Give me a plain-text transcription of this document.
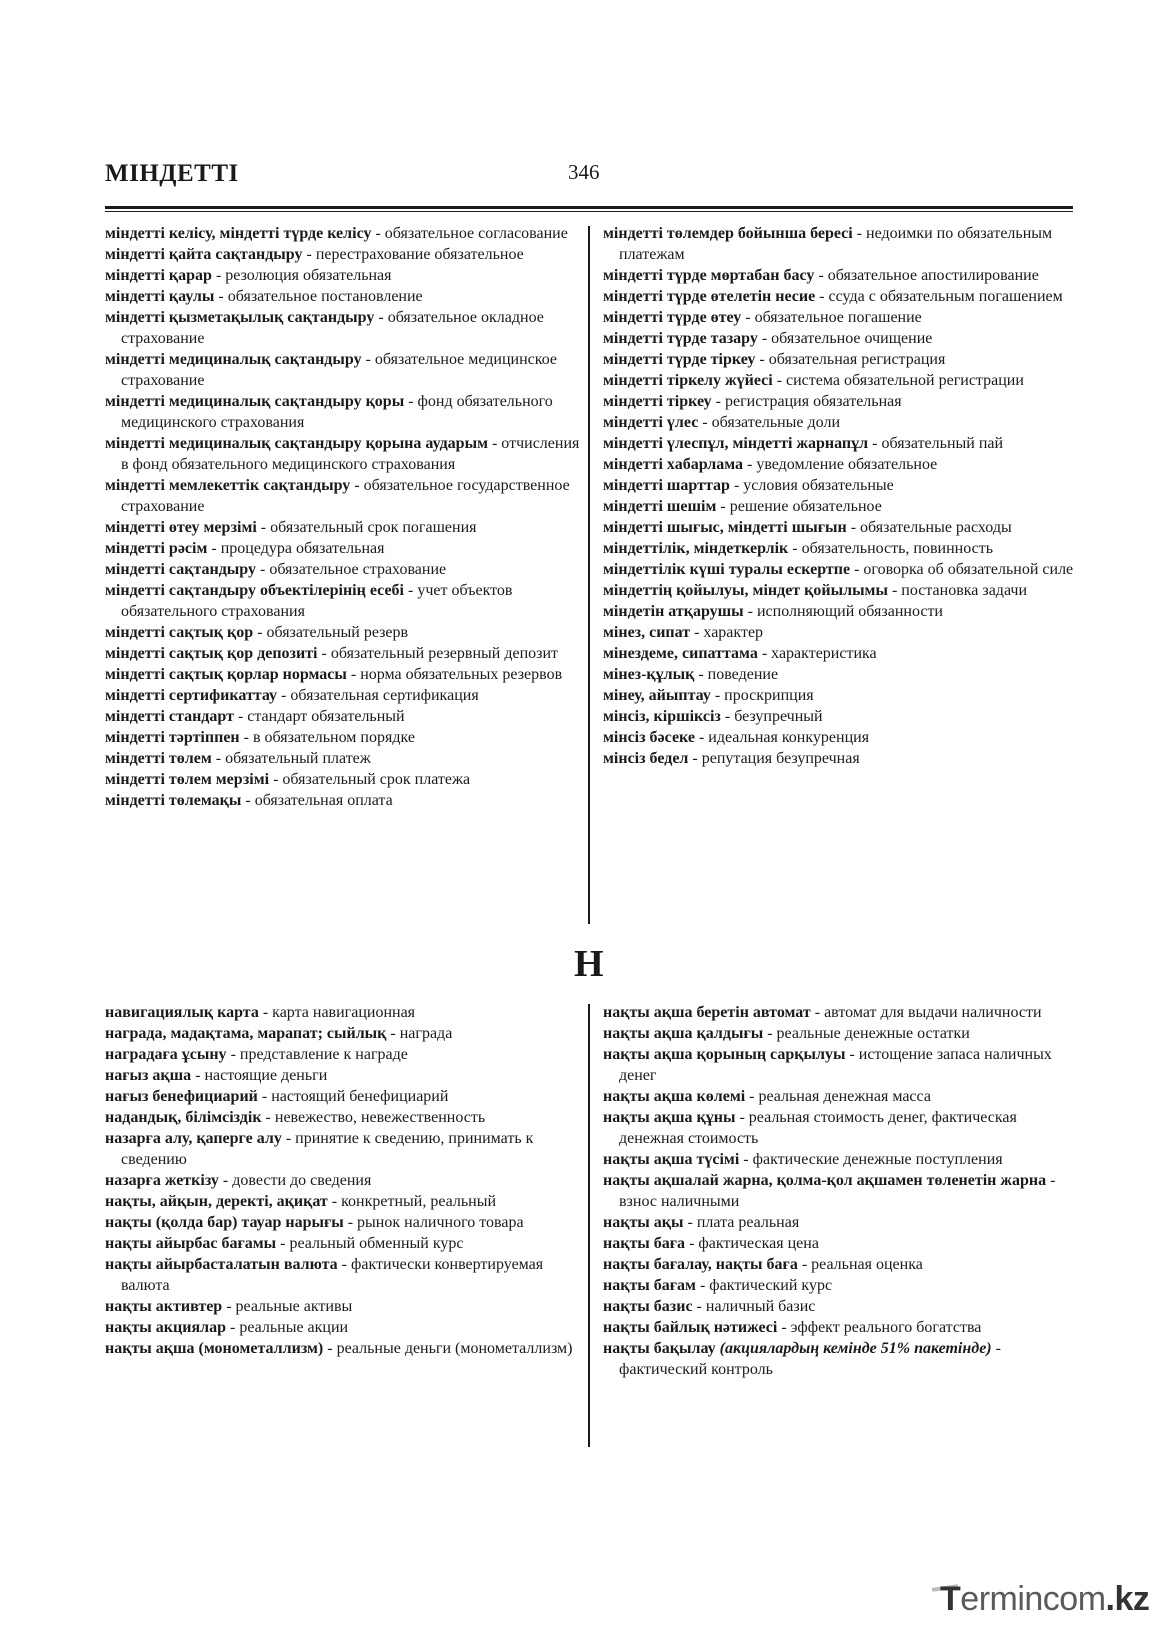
МІНДЕТТІ	346
міндетті келісу, міндетті түрде келісу - обязательное согласование
міндетті қайта сақтандыру - перестрахование обязательное
міндетті қарар - резолюция обязательная
міндетті қаулы - обязательное постановление
міндетті қызметақылық сақтандыру - обязательное окладное страхование
міндетті медициналық сақтандыру - обязательное медицинское страхование
міндетті медициналық сақтандыру қоры - фонд обязательного медицинского страхования
міндетті медициналық сақтандыру қорына аударым - отчисления в фонд обязательного медицинского страхования
міндетті мемлекеттік сақтандыру - обязательное государственное страхование
міндетті өтеу мерзімі - обязательный срок погашения
міндетті рәсім - процедура обязательная
міндетті сақтандыру - обязательное страхование
міндетті сақтандыру объектілерінің есебі - учет объектов обязательного страхования
міндетті сақтық қор - обязательный резерв
міндетті сақтық қор депозиті - обязательный резервный депозит
міндетті сақтық қорлар нормасы - норма обязательных резервов
міндетті сертификаттау - обязательная сертификация
міндетті стандарт - стандарт обязательный
міндетті тәртіппен - в обязательном порядке
міндетті төлем - обязательный платеж
міндетті төлем мерзімі - обязательный срок платежа
міндетті төлемақы - обязательная оплата
міндетті төлемдер бойынша бересі - недоимки по обязательным платежам
міндетті түрде мөртабан басу - обязательное апостилирование
міндетті түрде өтелетін несие - ссуда с обязательным погашением
міндетті түрде өтеу - обязательное погашение
міндетті түрде тазару - обязательное очищение
міндетті түрде тіркеу - обязательная регистрация
міндетті тіркелу жүйесі - система обязательной регистрации
міндетті тіркеу - регистрация обязательная
міндетті үлес - обязательные доли
міндетті үлеспұл, міндетті жарнапұл - обязательный пай
міндетті хабарлама - уведомление обязательное
міндетті шарттар - условия обязательные
міндетті шешім - решение обязательное
міндетті шығыс, міндетті шығын - обязательные расходы
міндеттілік, міндеткерлік - обязательность, повинность
міндеттілік күші туралы ескертпе - оговорка об обязательной силе
міндеттің қойылуы, міндет қойылымы - постановка задачи
міндетін атқарушы - исполняющий обязанности
мінез, сипат - характер
мінездеме, сипаттама - характеристика
мінез-құлық - поведение
мінеу, айыптау - проскрипция
мінсіз, кіршіксіз - безупречный
мінсіз бәсеке - идеальная конкуренция
мінсіз бедел - репутация безупречная
Н
навигациялық карта - карта навигационная
награда, мадақтама, марапат; сыйлық - награда
наградаға ұсыну - представление к награде
нағыз ақша - настоящие деньги
нағыз бенефициарий - настоящий бенефициарий
надандық, білімсіздік - невежество, невежественность
назарға алу, қаперге алу - принятие к сведению, принимать к сведению
назарға жеткізу - довести до сведения
нақты, айқын, деректі, ақиқат - конкретный, реальный
нақты (қолда бар) тауар нарығы - рынок наличного товара
нақты айырбас бағамы - реальный обменный курс
нақты айырбасталатын валюта - фактически конвертируемая валюта
нақты активтер - реальные активы
нақты акциялар - реальные акции
нақты ақша (монометаллизм) - реальные деньги (монометаллизм)
нақты ақша беретін автомат - автомат для выдачи наличности
нақты ақша қалдығы - реальные денежные остатки
нақты ақша қорының сарқылуы - истощение запаса наличных денег
нақты ақша көлемі - реальная денежная масса
нақты ақша құны - реальная стоимость денег, фактическая денежная стоимость
нақты ақша түсімі - фактические денежные поступления
нақты ақшалай жарна, қолма-қол ақшамен төленетін жарна - взнос наличными
нақты ақы - плата реальная
нақты баға - фактическая цена
нақты бағалау, нақты баға - реальная оценка
нақты бағам - фактический курс
нақты базис - наличный базис
нақты байлық нәтижесі - эффект реального богатства
нақты бақылау (акциялардың кемінде 51% пакетінде) - фактический контроль
Termincom.kz
